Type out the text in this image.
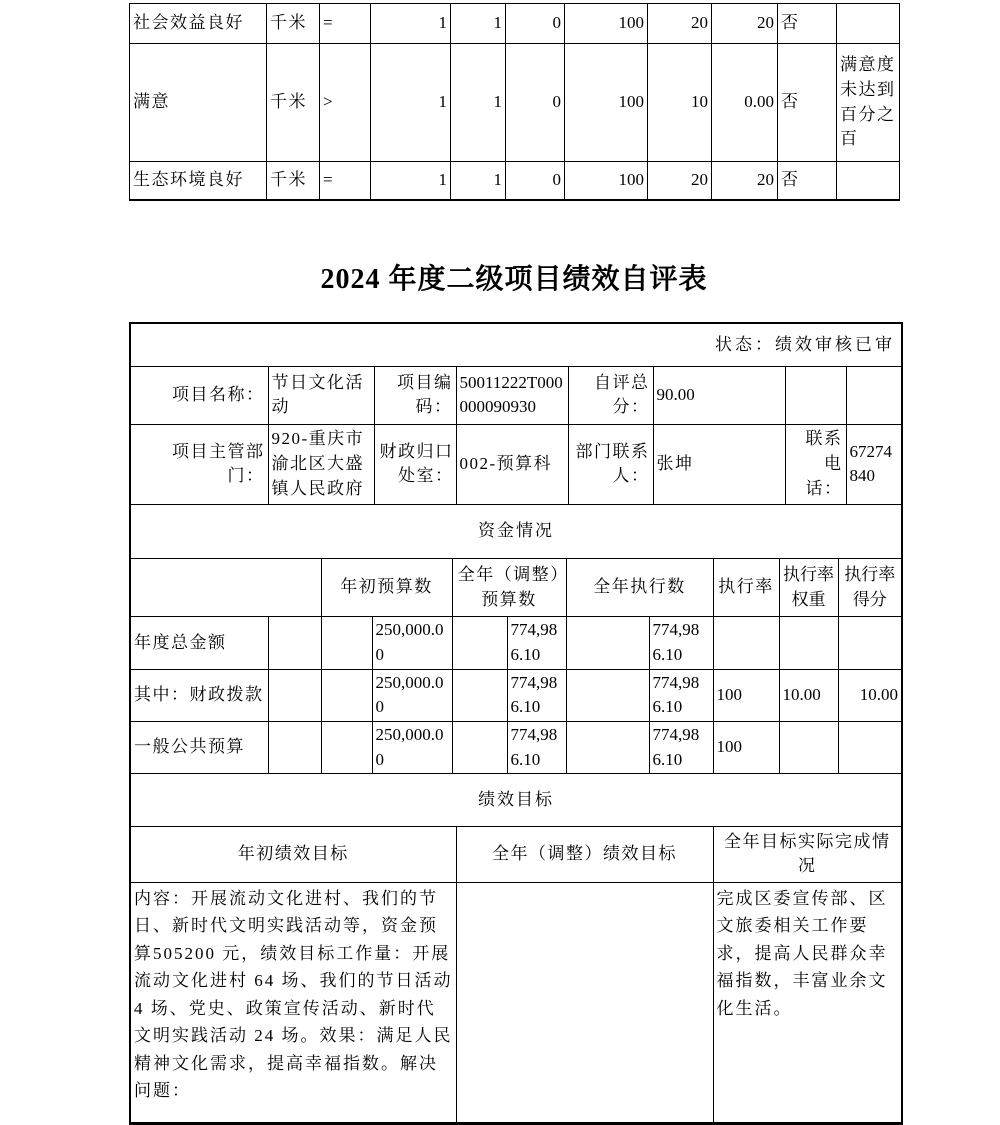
社会效益良好	千米	=	1	1	0	100	20	20	否	
满意	千米	>	1	1	0	100	10	0.00	否	满意度未达到百分之百
生态环境良好	千米	=	1	1	0	100	20	20	否	
2024 年度二级项目绩效自评表
状态：绩效审核已审							
项目名称：	节日文化活动	项目编码：	50011222T000000090930	自评总分：	90.00		
项目主管部门：	920-重庆市渝北区大盛镇人民政府	财政归口处室：	002-预算科	部门联系人：	张坤	联系电话：	67274840
资金情况										
		年初预算数		全年（调整）预算数		全年执行数		执行率	执行率权重	执行率得分
年度总金额			250,000.00		774,986.10		774,986.10			
其中：财政拨款			250,000.00		774,986.10		774,986.10	100	10.00	10.00
一般公共预算			250,000.00		774,986.10		774,986.10	100		
绩效目标		
年初绩效目标	全年（调整）绩效目标	全年目标实际完成情况
内容：开展流动文化进村、我们的节日、新时代文明实践活动等，资金预算505200 元，绩效目标工作量：开展流动文化进村 64 场、我们的节日活动 4 场、党史、政策宣传活动、新时代文明实践活动 24 场。效果：满足人民精神文化需求，提高幸福指数。解决问题：		完成区委宣传部、区文旅委相关工作要求，提高人民群众幸福指数，丰富业余文化生活。
